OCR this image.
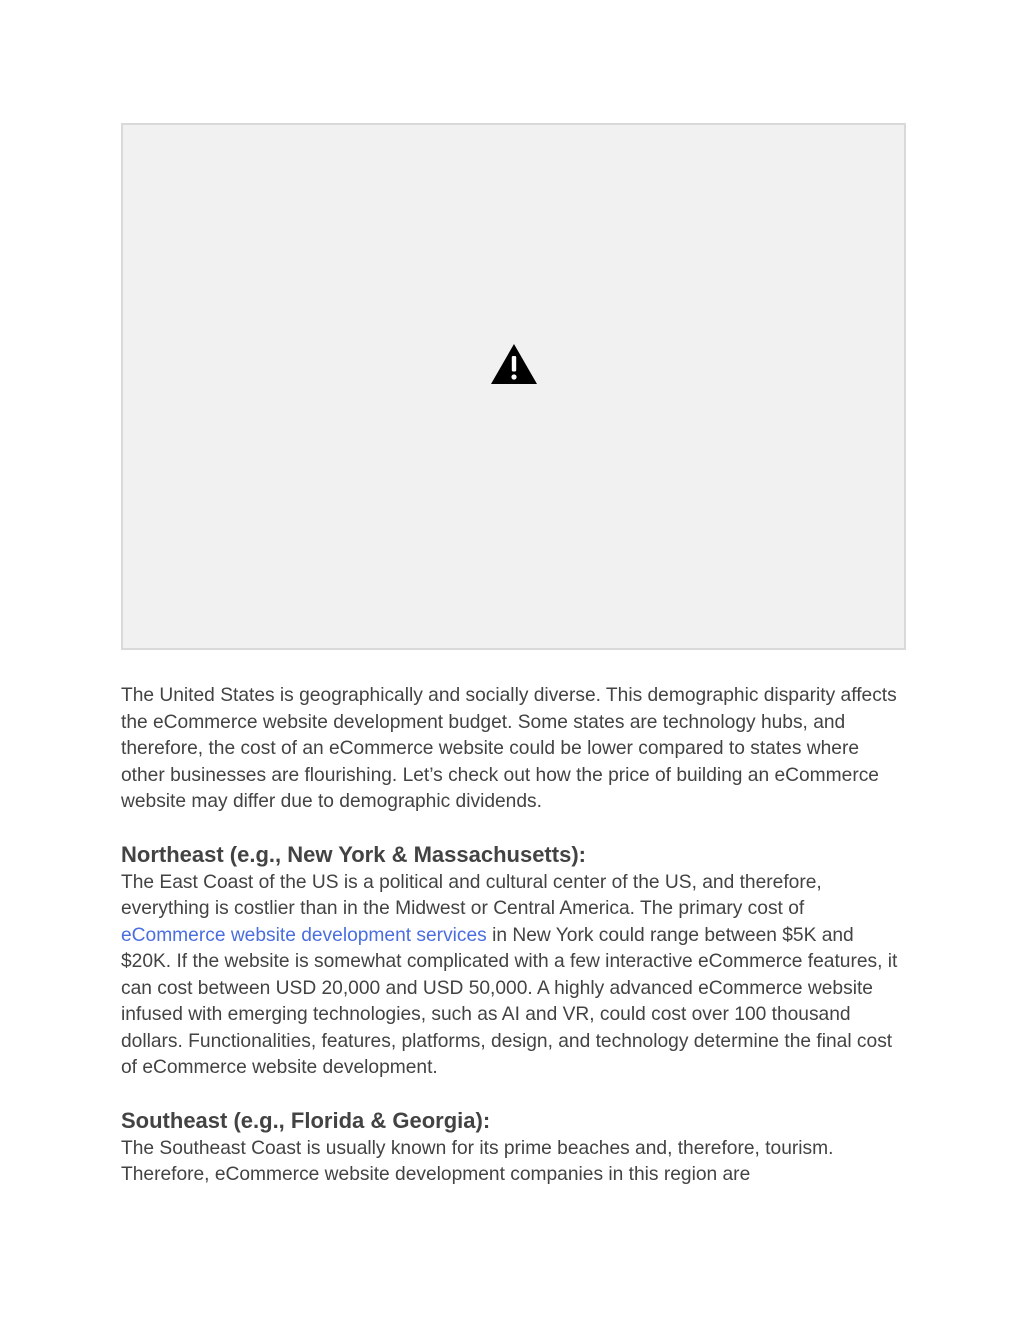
The United States is geographically and socially diverse. This demographic disparity affects the eCommerce website development budget. Some states are technology hubs, and therefore, the cost of an eCommerce website could be lower compared to states where other businesses are flourishing. Let’s check out how the price of building an eCommerce website may differ due to demographic dividends.

Northeast (e.g., New York & Massachusetts):

The East Coast of the US is a political and cultural center of the US, and therefore, everything is costlier than in the Midwest or Central America. The primary cost of eCommerce website development services in New York could range between $5K and $20K. If the website is somewhat complicated with a few interactive eCommerce features, it can cost between USD 20,000 and USD 50,000. A highly advanced eCommerce website infused with emerging technologies, such as AI and VR, could cost over 100 thousand dollars. Functionalities, features, platforms, design, and technology determine the final cost of eCommerce website development.

Southeast (e.g., Florida & Georgia):

The Southeast Coast is usually known for its prime beaches and, therefore, tourism. Therefore, eCommerce website development companies in this region are
